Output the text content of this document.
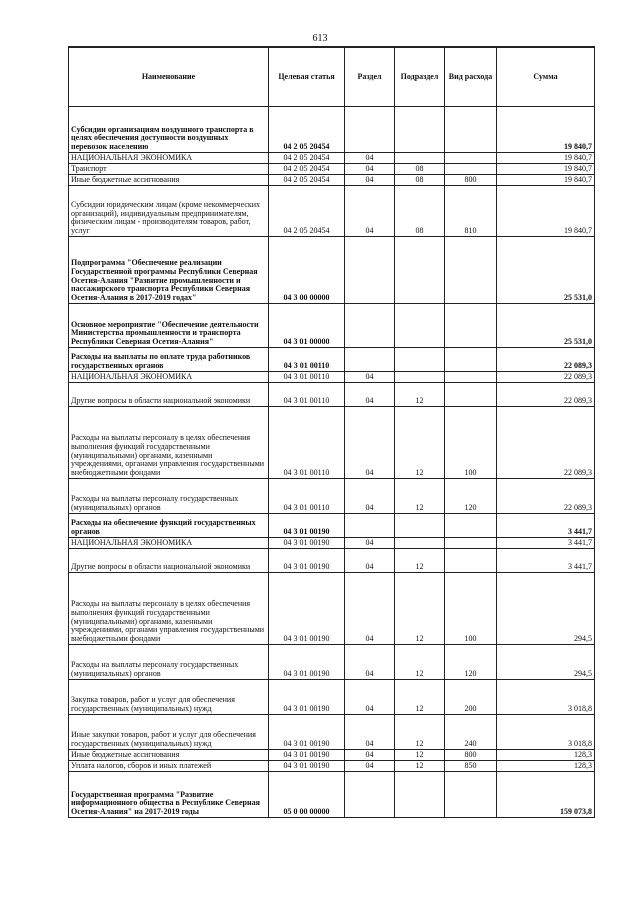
613
Наименование	Целевая статья	Раздел	Подраздел	Вид расхода	Сумма
Субсидии организациям воздушного транспорта в целях обеспечения доступности воздушных перевозок населению	04 2 05 20454				19 840,7
НАЦИОНАЛЬНАЯ ЭКОНОМИКА	04 2 05 20454	04			19 840,7
Транспорт	04 2 05 20454	04	08		19 840,7
Иные бюджетные ассигнования	04 2 05 20454	04	08	800	19 840,7
Субсидии юридическим лицам (кроме некоммерческих организаций), индивидуальным предпринимателям, физическим лицам - производителям товаров, работ, услуг	04 2 05 20454	04	08	810	19 840,7
Подпрограмма "Обеспечение реализации Государственной программы Республики Северная Осетия-Алания "Развитие промышленности и пассажирского транспорта Республики Северная Осетия-Алания в 2017-2019 годах"	04 3 00 00000				25 531,0
Основное мероприятие "Обеспечение деятельности Министерства промышленности и транспорта Республики Северная Осетия-Алания"	04 3 01 00000				25 531,0
Расходы на выплаты по оплате труда работников государственных органов	04 3 01 00110				22 089,3
НАЦИОНАЛЬНАЯ ЭКОНОМИКА	04 3 01 00110	04			22 089,3
Другие вопросы в области национальной экономики	04 3 01 00110	04	12		22 089,3
Расходы на выплаты персоналу в целях обеспечения выполнения функций государственными (муниципальными) органами, казенными учреждениями, органами управления государственными внебюджетными фондами	04 3 01 00110	04	12	100	22 089,3
Расходы на выплаты персоналу государственных (муниципальных) органов	04 3 01 00110	04	12	120	22 089,3
Расходы на обеспечение функций государственных органов	04 3 01 00190				3 441,7
НАЦИОНАЛЬНАЯ ЭКОНОМИКА	04 3 01 00190	04			3 441,7
Другие вопросы в области национальной экономики	04 3 01 00190	04	12		3 441,7
Расходы на выплаты персоналу в целях обеспечения выполнения функций государственными (муниципальными) органами, казенными учреждениями, органами управления государственными внебюджетными фондами	04 3 01 00190	04	12	100	294,5
Расходы на выплаты персоналу государственных (муниципальных) органов	04 3 01 00190	04	12	120	294,5
Закупка товаров, работ и услуг для обеспечения государственных (муниципальных) нужд	04 3 01 00190	04	12	200	3 018,8
Иные закупки товаров, работ и услуг для обеспечения государственных (муниципальных) нужд	04 3 01 00190	04	12	240	3 018,8
Иные бюджетные ассигнования	04 3 01 00190	04	12	800	128,3
Уплата налогов, сборов и иных платежей	04 3 01 00190	04	12	850	128,3
Государственная программа "Развитие информационного общества в Республике Северная Осетия-Алания" на 2017-2019 годы	05 0 00 00000				159 073,8
